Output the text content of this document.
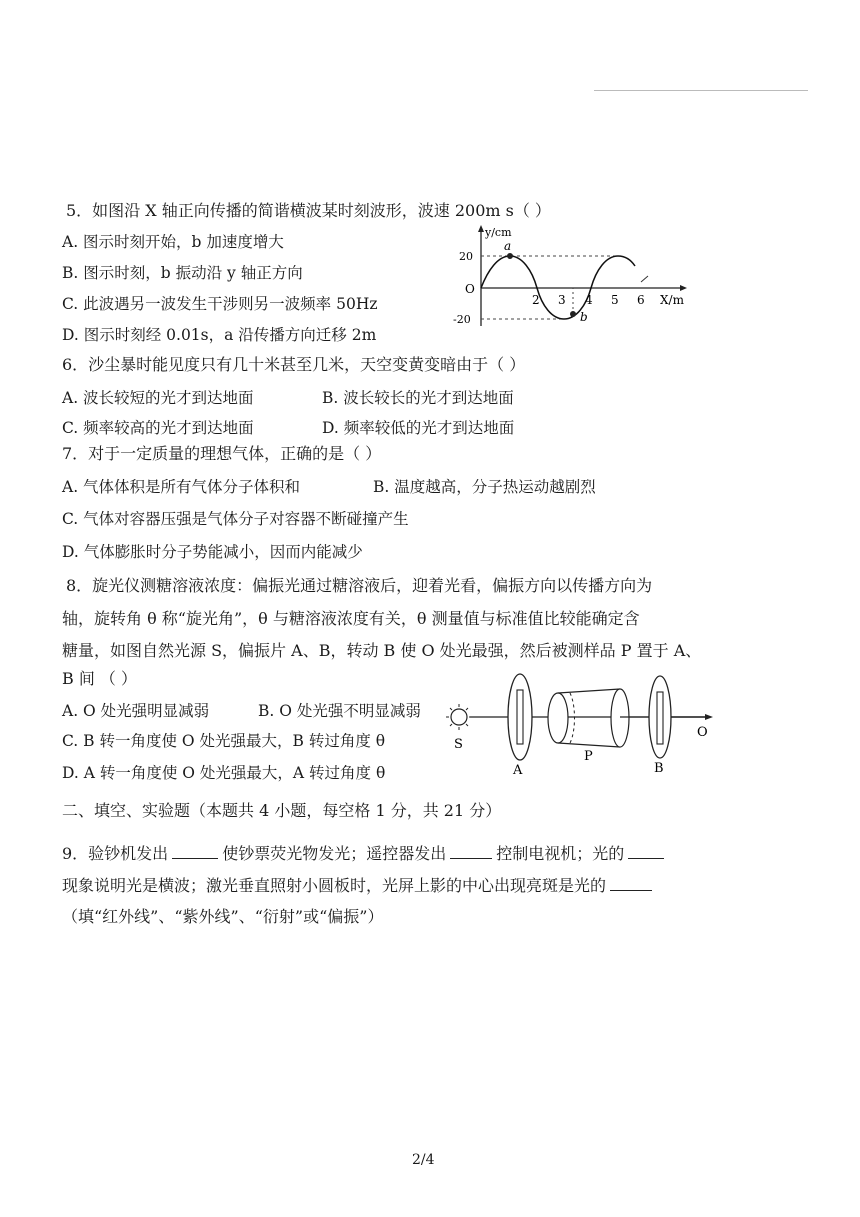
5．如图沿 X 轴正向传播的简谐横波某时刻波形，波速 200m s（ ）
A. 图示时刻开始，b 加速度增大
B. 图示时刻，b 振动沿 y 轴正方向
C. 此波遇另一波发生干涉则另一波频率 50Hz
D. 图示时刻经 0.01s，a 沿传播方向迁移 2m
y/cm
X/m
O
20
-20
2 3 4 5 6
a
b
6．沙尘暴时能见度只有几十米甚至几米，天空变黄变暗由于（ ）
A. 波长较短的光才到达地面	B. 波长较长的光才到达地面
C. 频率较高的光才到达地面	D. 频率较低的光才到达地面
7．对于一定质量的理想气体，正确的是（ ）
A. 气体体积是所有气体分子体积和	B. 温度越高，分子热运动越剧烈
C. 气体对容器压强是气体分子对容器不断碰撞产生
D. 气体膨胀时分子势能减小，因而内能减少
8．旋光仪测糖溶液浓度：偏振光通过糖溶液后，迎着光看，偏振方向以传播方向为
轴，旋转角 θ 称“旋光角”，θ 与糖溶液浓度有关，θ 测量值与标准值比较能确定含
糖量，如图自然光源 S，偏振片 A、B，转动 B 使 O 处光最强，然后被测样品 P 置于 A、
B 间 （ ）
A. O 处光强明显减弱	B. O 处光强不明显减弱
C. B 转一角度使 O 处光强最大，B 转过角度 θ
D. A 转一角度使 O 处光强最大，A 转过角度 θ
S
A
P
B
O
二、填空、实验题（本题共 4 小题，每空格 1 分，共 21 分）
9．验钞机发出	使钞票荧光物发光；遥控器发出	控制电视机；光的
现象说明光是横波；激光垂直照射小圆板时，光屏上影的中心出现亮斑是光的
（填“红外线”、“紫外线”、“衍射”或“偏振”）
2/4
